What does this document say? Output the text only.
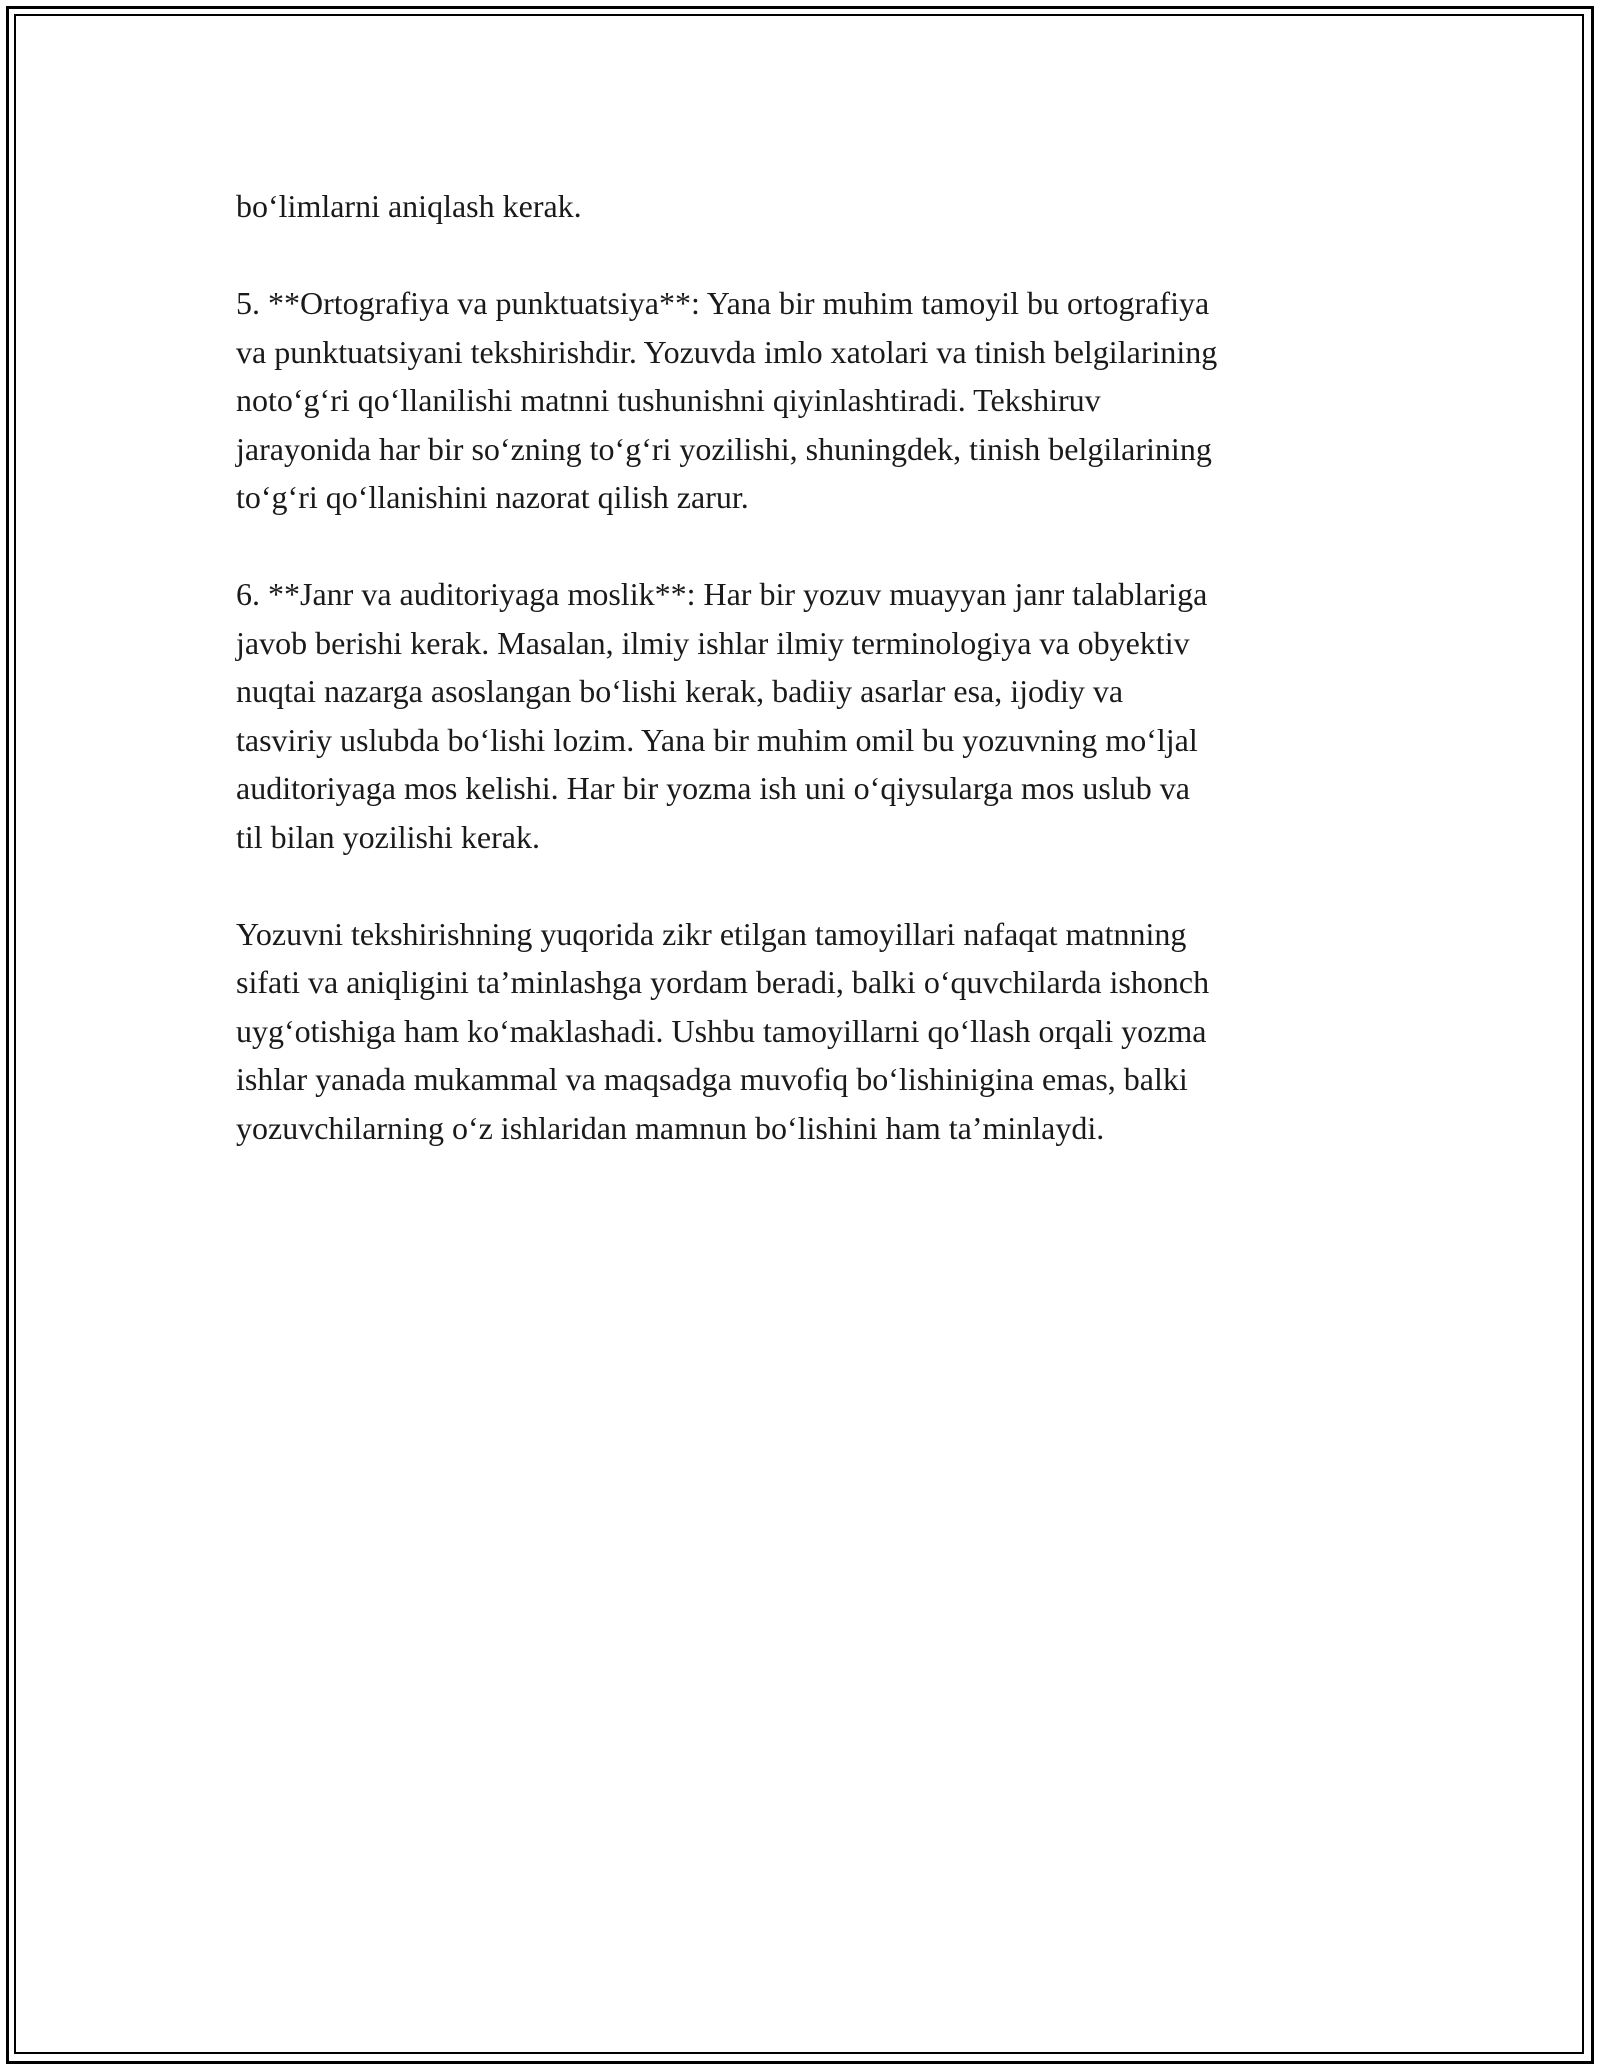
bo‘limlarni aniqlash kerak.

5. **Ortografiya va punktuatsiya**: Yana bir muhim tamoyil bu ortografiya
va punktuatsiyani tekshirishdir. Yozuvda imlo xatolari va tinish belgilarining
noto‘g‘ri qo‘llanilishi matnni tushunishni qiyinlashtiradi. Tekshiruv
jarayonida har bir so‘zning to‘g‘ri yozilishi, shuningdek, tinish belgilarining
to‘g‘ri qo‘llanishini nazorat qilish zarur.

6. **Janr va auditoriyaga moslik**: Har bir yozuv muayyan janr talablariga
javob berishi kerak. Masalan, ilmiy ishlar ilmiy terminologiya va obyektiv
nuqtai nazarga asoslangan bo‘lishi kerak, badiiy asarlar esa, ijodiy va
tasviriy uslubda bo‘lishi lozim. Yana bir muhim omil bu yozuvning mo‘ljal
auditoriyaga mos kelishi. Har bir yozma ish uni o‘qiysularga mos uslub va
til bilan yozilishi kerak.

Yozuvni tekshirishning yuqorida zikr etilgan tamoyillari nafaqat matnning
sifati va aniqligini ta’minlashga yordam beradi, balki o‘quvchilarda ishonch
uyg‘otishiga ham ko‘maklashadi. Ushbu tamoyillarni qo‘llash orqali yozma
ishlar yanada mukammal va maqsadga muvofiq bo‘lishinigina emas, balki
yozuvchilarning o‘z ishlaridan mamnun bo‘lishini ham ta’minlaydi.
